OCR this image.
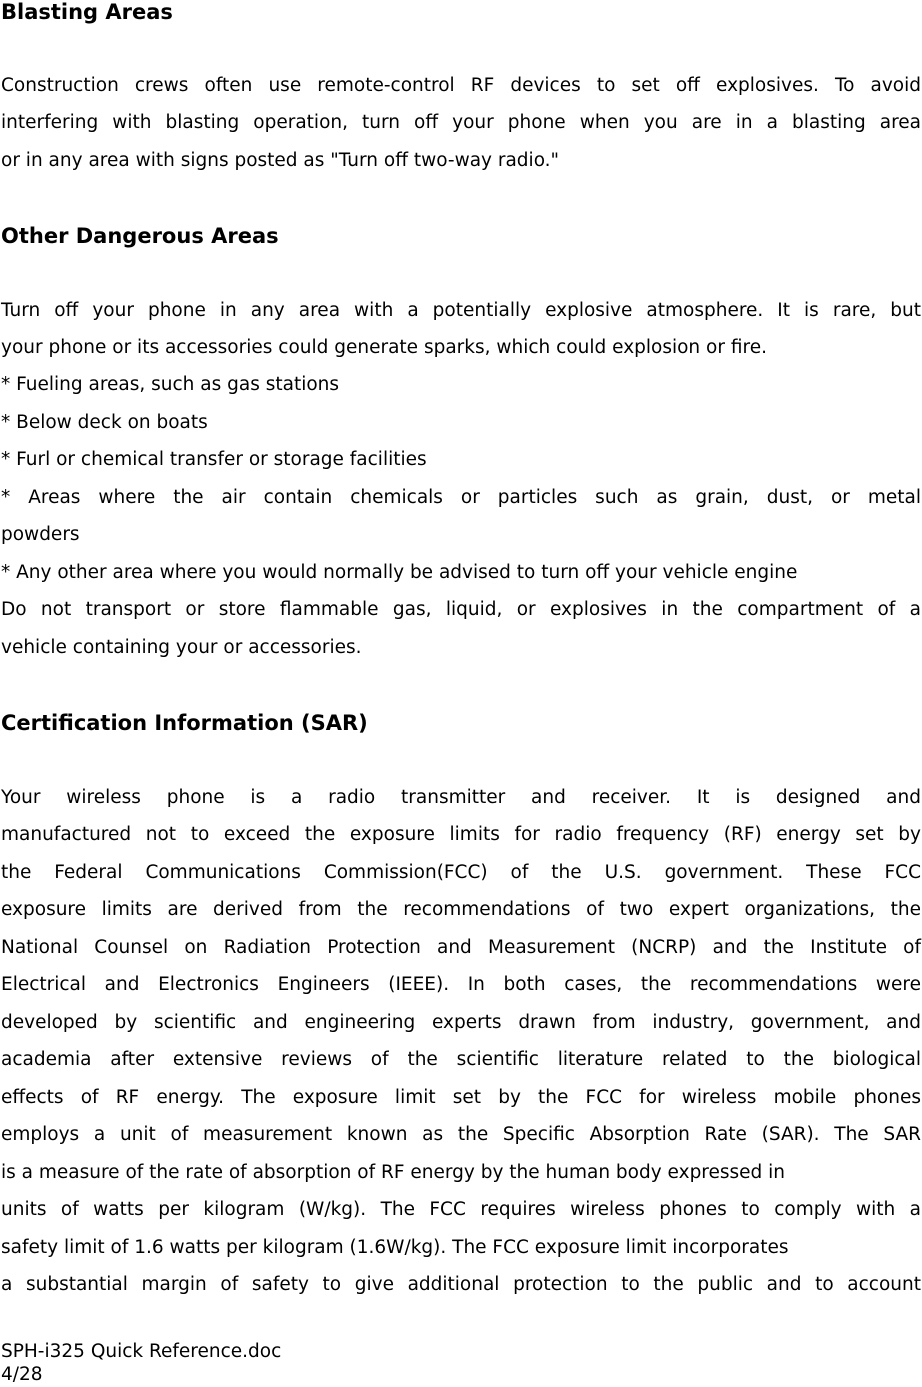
Blasting Areas
Construction crews often use remote-control RF devices to set off explosives. To avoid
interfering with blasting operation, turn off your phone when you are in a blasting area
or in any area with signs posted as "Turn off two-way radio."
Other Dangerous Areas
Turn off your phone in any area with a potentially explosive atmosphere. It is rare, but
your phone or its accessories could generate sparks, which could explosion or fire.
* Fueling areas, such as gas stations
* Below deck on boats
* Furl or chemical transfer or storage facilities
* Areas where the air contain chemicals or particles such as grain, dust, or metal
powders
* Any other area where you would normally be advised to turn off your vehicle engine
Do not transport or store flammable gas, liquid, or explosives in the compartment of a
vehicle containing your or accessories.
Certification Information (SAR)
Your wireless phone is a radio transmitter and receiver. It is designed and
manufactured not to exceed the exposure limits for radio frequency (RF) energy set by
the Federal Communications Commission(FCC) of the U.S. government. These FCC
exposure limits are derived from the recommendations of two expert organizations, the
National Counsel on Radiation Protection and Measurement (NCRP) and the Institute of
Electrical and Electronics Engineers (IEEE). In both cases, the recommendations were
developed by scientific and engineering experts drawn from industry, government, and
academia after extensive reviews of the scientific literature related to the biological
effects of RF energy. The exposure limit set by the FCC for wireless mobile phones
employs a unit of measurement known as the Specific Absorption Rate (SAR). The SAR
is a measure of the rate of absorption of RF energy by the human body expressed in
units of watts per kilogram (W/kg). The FCC requires wireless phones to comply with a
safety limit of 1.6 watts per kilogram (1.6W/kg). The FCC exposure limit incorporates
a substantial margin of safety to give additional protection to the public and to account
SPH-i325 Quick Reference.doc
4/28
